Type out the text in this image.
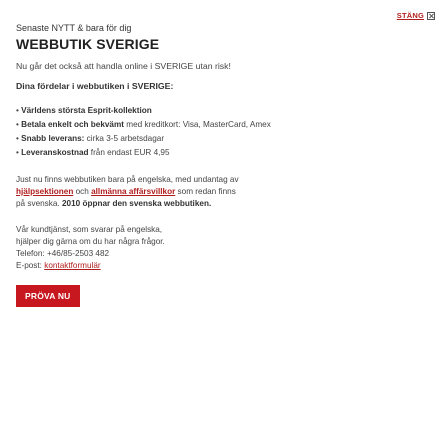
STÄNG
Senaste NYTT & bara för dig
WEBBUTIK SVERIGE
Nu går det också att handla online i SVERIGE utan risk!
Dina fördelar i webbutiken i SVERIGE:
• Världens största Esprit-kollektion
• Betala enkelt och bekvämt med kreditkort: Visa, MasterCard, Amex
• Snabb leverans: cirka 3-5 arbetsdagar
• Leveranskostnad från endast EUR 4,95
Just nu finns webbutiken bara på engelska, med undantag av
hjälpsektionen och allmänna affärsvillkor som redan finns
på svenska. 2010 öppnar den svenska webbutiken.
Vår kundtjänst, som svarar på engelska,
hjälper dig gärna om du har några frågor.
Telefon: +46/85-2503 482
E-post: kontaktformulär
PRÖVA NU
